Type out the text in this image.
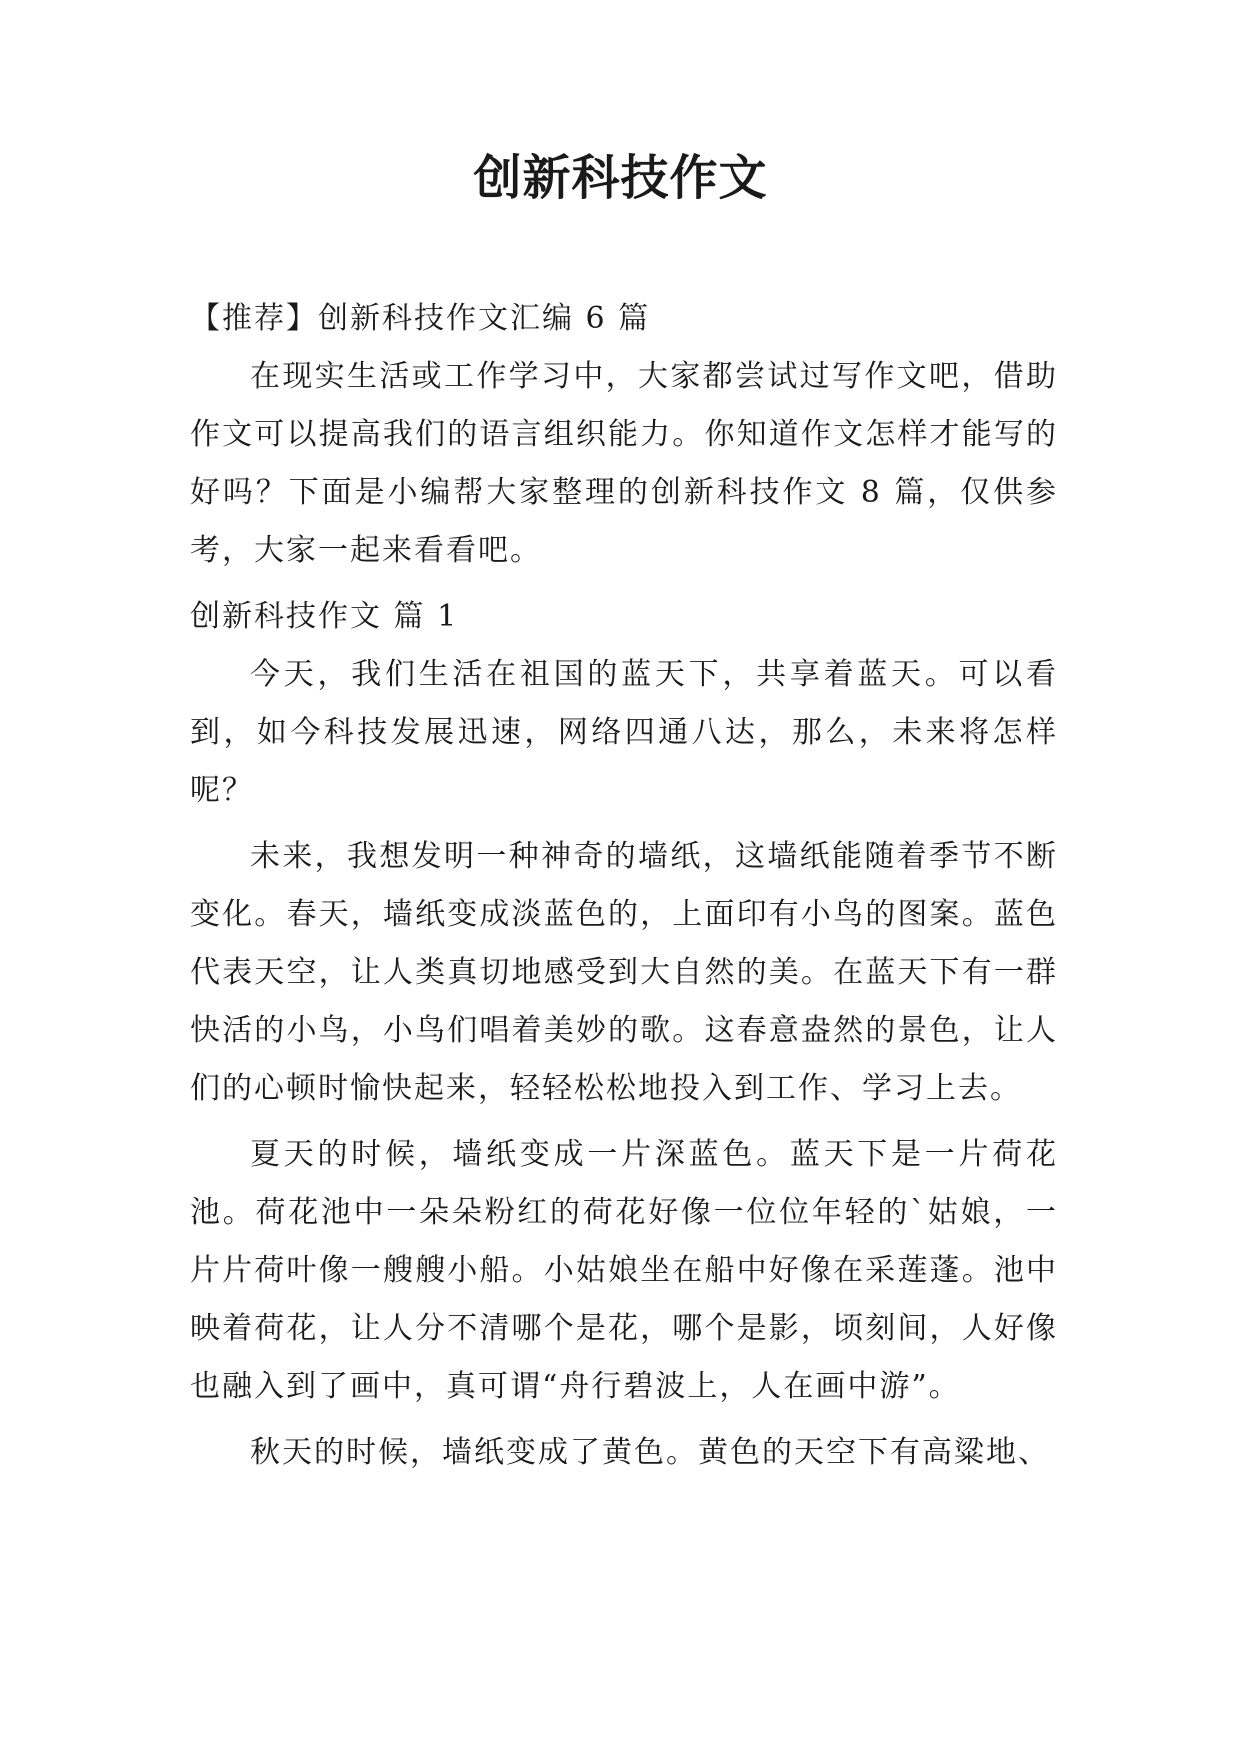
创新科技作文

【推荐】创新科技作文汇编 6 篇

在现实生活或工作学习中，大家都尝试过写作文吧，借助作文可以提高我们的语言组织能力。你知道作文怎样才能写的好吗？下面是小编帮大家整理的创新科技作文 8 篇，仅供参考，大家一起来看看吧。

创新科技作文 篇 1

今天，我们生活在祖国的蓝天下，共享着蓝天。可以看到，如今科技发展迅速，网络四通八达，那么，未来将怎样呢？

未来，我想发明一种神奇的墙纸，这墙纸能随着季节不断变化。春天，墙纸变成淡蓝色的，上面印有小鸟的图案。蓝色代表天空，让人类真切地感受到大自然的美。在蓝天下有一群快活的小鸟，小鸟们唱着美妙的歌。这春意盎然的景色，让人们的心顿时愉快起来，轻轻松松地投入到工作、学习上去。

夏天的时候，墙纸变成一片深蓝色。蓝天下是一片荷花池。荷花池中一朵朵粉红的荷花好像一位位年轻的`姑娘，一片片荷叶像一艘艘小船。小姑娘坐在船中好像在采莲蓬。池中映着荷花，让人分不清哪个是花，哪个是影，顷刻间，人好像也融入到了画中，真可谓“舟行碧波上，人在画中游”。

秋天的时候，墙纸变成了黄色。黄色的天空下有高粱地、
